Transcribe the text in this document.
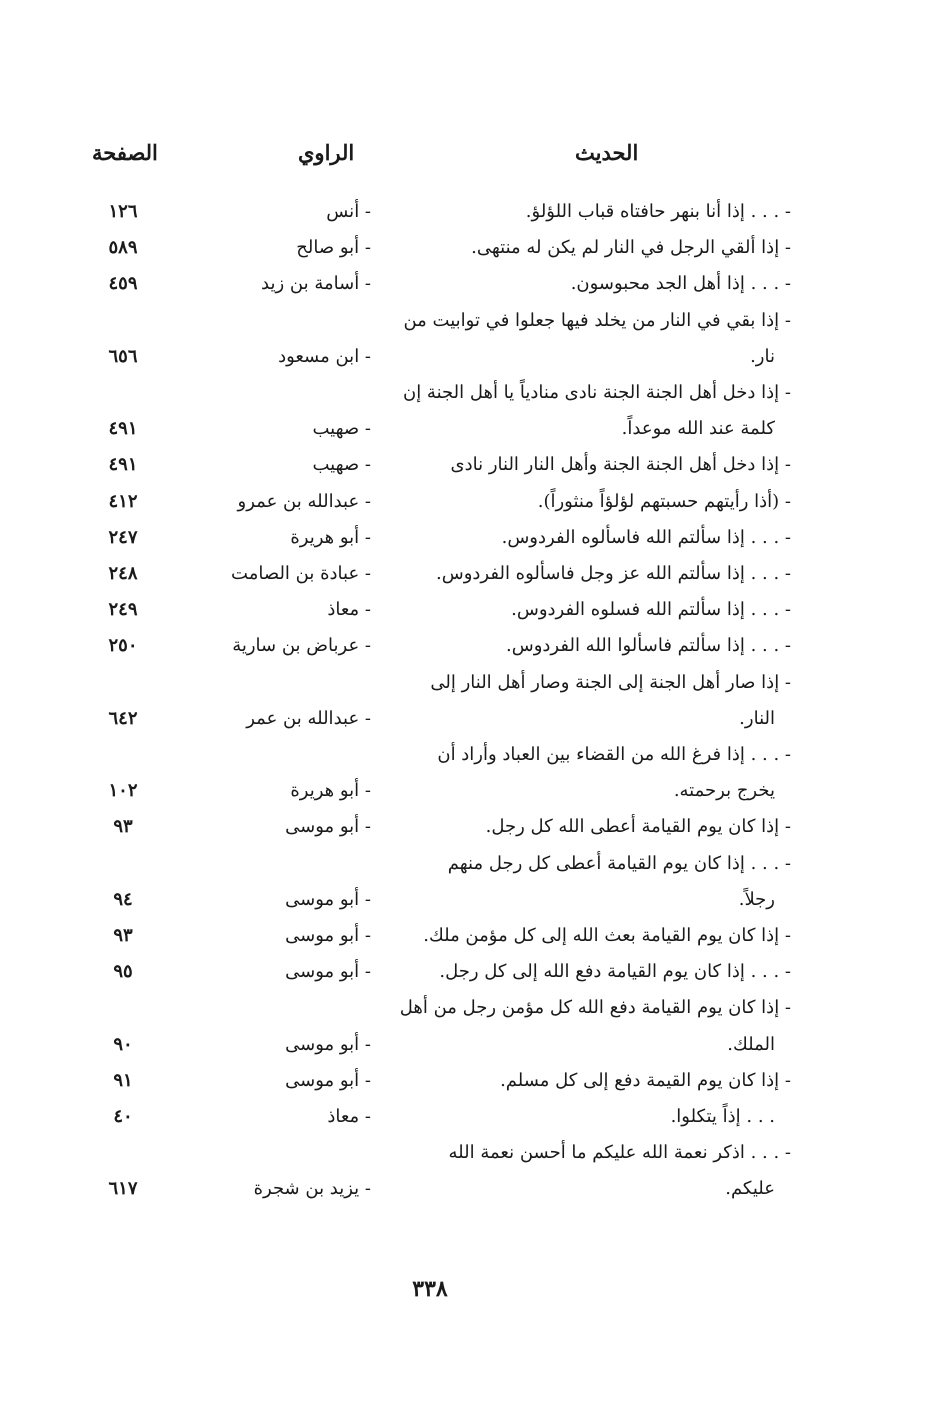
الحديث
الراوي
الصفحة
- . . . إذا أنا بنهر حافتاه قباب اللؤلؤ.
- أنس
١٢٦
- إذا ألقي الرجل في النار لم يكن له منتهى.
- أبو صالح
٥٨٩
- . . . إذا أهل الجد محبوسون.
- أسامة بن زيد
٤٥٩
- إذا بقي في النار من يخلد فيها جعلوا في توابيت من
نار.
- ابن مسعود
٦٥٦
- إذا دخل أهل الجنة الجنة نادى منادياً يا أهل الجنة إن
كلمة عند الله موعداً.
- صهيب
٤٩١
- إذا دخل أهل الجنة الجنة وأهل النار النار نادى
- صهيب
٤٩١
- (أذا رأيتهم حسبتهم لؤلؤاً منثوراً).
- عبدالله بن عمرو
٤١٢
- . . . إذا سألتم الله فاسألوه الفردوس.
- أبو هريرة
٢٤٧
- . . . إذا سألتم الله عز وجل فاسألوه الفردوس.
- عبادة بن الصامت
٢٤٨
- . . . إذا سألتم الله فسلوه الفردوس.
- معاذ
٢٤٩
- . . . إذا سألتم فاسألوا الله الفردوس.
- عرباض بن سارية
٢٥٠
- إذا صار أهل الجنة إلى الجنة وصار أهل النار إلى
النار.
- عبدالله بن عمر
٦٤٢
- . . . إذا فرغ الله من القضاء بين العباد وأراد أن
يخرج برحمته.
- أبو هريرة
١٠٢
- إذا كان يوم القيامة أعطى الله كل رجل.
- أبو موسى
٩٣
- . . . إذا كان يوم القيامة أعطى كل رجل منهم
رجلاً.
- أبو موسى
٩٤
- إذا كان يوم القيامة بعث الله إلى كل مؤمن ملك.
- أبو موسى
٩٣
- . . . إذا كان يوم القيامة دفع الله إلى كل رجل.
- أبو موسى
٩٥
- إذا كان يوم القيامة دفع الله كل مؤمن رجل من أهل
الملك.
- أبو موسى
٩٠
- إذا كان يوم القيمة دفع إلى كل مسلم.
- أبو موسى
٩١
. . . إذاً يتكلوا.
- معاذ
٤٠
- . . . اذكر نعمة الله عليكم ما أحسن نعمة الله
عليكم.
- يزيد بن شجرة
٦١٧
٣٣٨
